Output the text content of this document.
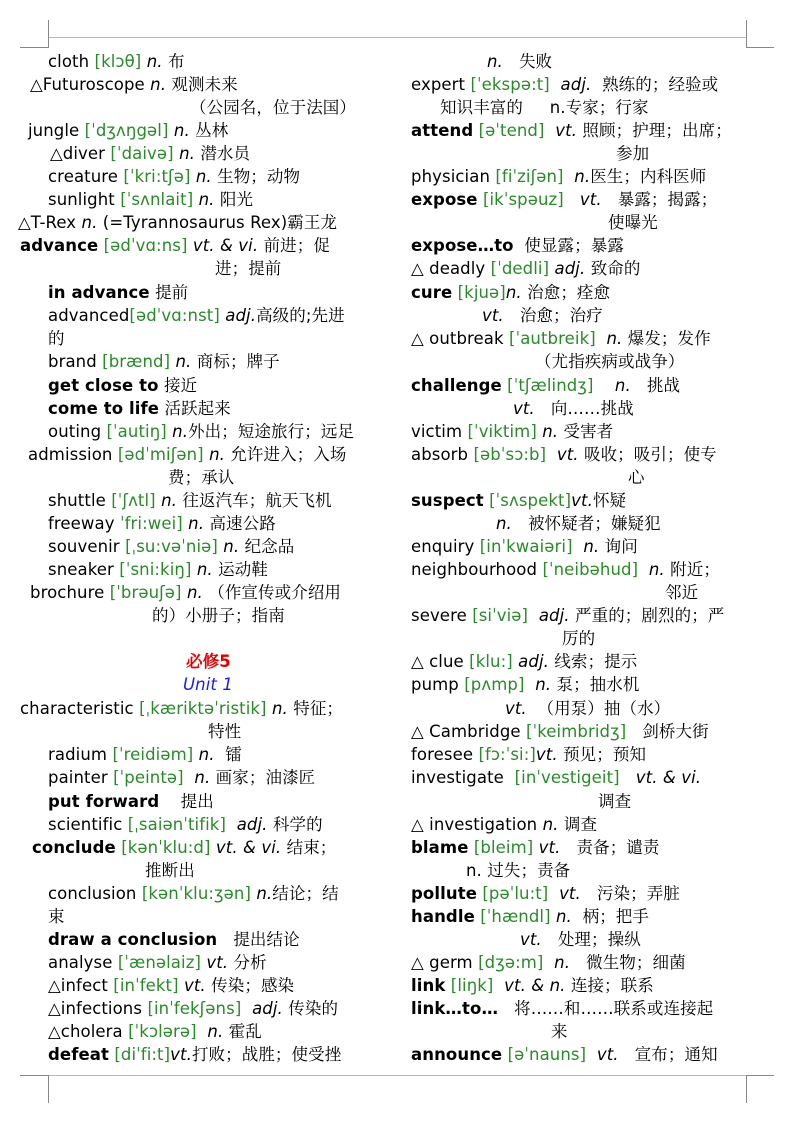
cloth [klɔθ] n. 布
△Futuroscope n. 观测未来
（公园名，位于法国）
jungle [ˈdʒʌŋgəl] n. 丛林
△diver [ˈdaivə] n. 潜水员
creature [ˈkri:tʃə] n. 生物；动物
sunlight [ˈsʌnlait] n. 阳光
△T-Rex n. (=Tyrannosaurus Rex)霸王龙
advance [ədˈvɑ:ns] vt. & vi. 前进；促
进；提前
in advance 提前
advanced[ədˈvɑ:nst] adj.高级的;先进
的
brand [brænd] n. 商标；牌子
get close to 接近
come to life 活跃起来
outing [ˈautiŋ] n.外出；短途旅行；远足
admission [ədˈmiʃən] n. 允许进入；入场
费；承认
shuttle [ˈʃʌtl] n. 往返汽车；航天飞机
freeway ˈfri:wei] n. 高速公路
souvenir [ˌsu:vəˈniə] n. 纪念品
sneaker [ˈsni:kiŋ] n. 运动鞋
brochure [ˈbrəuʃə] n. （作宣传或介绍用
的）小册子；指南
必修5
Unit 1
characteristic [ˌkæriktəˈristik] n. 特征；
特性
radium [ˈreidiəm] n. 镭
painter [ˈpeintə] n. 画家；油漆匠
put forward 提出
scientific [ˌsaiənˈtifik] adj. 科学的
conclude [kənˈklu:d] vt. & vi. 结束；
推断出
conclusion [kənˈklu:ʒən] n.结论；结
束
draw a conclusion 提出结论
analyse [ˈænəlaiz] vt. 分析
△infect [inˈfekt] vt. 传染；感染
△infections [inˈfekʃəns] adj. 传染的
△cholera [ˈkɔlərə] n. 霍乱
defeat [diˈfi:t]vt.打败；战胜；使受挫
n. 失败
expert [ˈekspə:t] adj. 熟练的；经验或
知识丰富的 n.专家；行家
attend [əˈtend] vt. 照顾；护理；出席；
参加
physician [fiˈziʃən] n.医生；内科医师
expose [ikˈspəuz] vt. 暴露；揭露；
使曝光
expose…to 使显露；暴露
△ deadly [ˈdedli] adj. 致命的
cure [kjuə]n. 治愈；痊愈
vt. 治愈；治疗
△ outbreak [ˈautbreik] n. 爆发；发作
（尤指疾病或战争）
challenge [ˈtʃælindʒ] n. 挑战
vt. 向……挑战
victim [ˈviktim] n. 受害者
absorb [əbˈsɔ:b] vt. 吸收；吸引；使专
心
suspect [ˈsʌspekt]vt.怀疑
n. 被怀疑者；嫌疑犯
enquiry [inˈkwaiəri] n. 询问
neighbourhood [ˈneibəhud] n. 附近；
邻近
severe [siˈviə] adj. 严重的；剧烈的；严
厉的
△ clue [klu:] adj. 线索；提示
pump [pʌmp] n. 泵；抽水机
vt. （用泵）抽（水）
△ Cambridge [ˈkeimbridʒ] 剑桥大街
foresee [fɔ:ˈsi:]vt. 预见；预知
investigate [inˈvestigeit] vt. & vi.
调查
△ investigation n. 调查
blame [bleim] vt. 责备；谴责
n. 过失；责备
pollute [pəˈlu:t] vt. 污染；弄脏
handle [ˈhændl] n. 柄；把手
vt. 处理；操纵
△ germ [dʒə:m] n. 微生物；细菌
link [liŋk] vt. & n. 连接；联系
link…to… 将……和……联系或连接起
来
announce [əˈnauns] vt. 宣布；通知
